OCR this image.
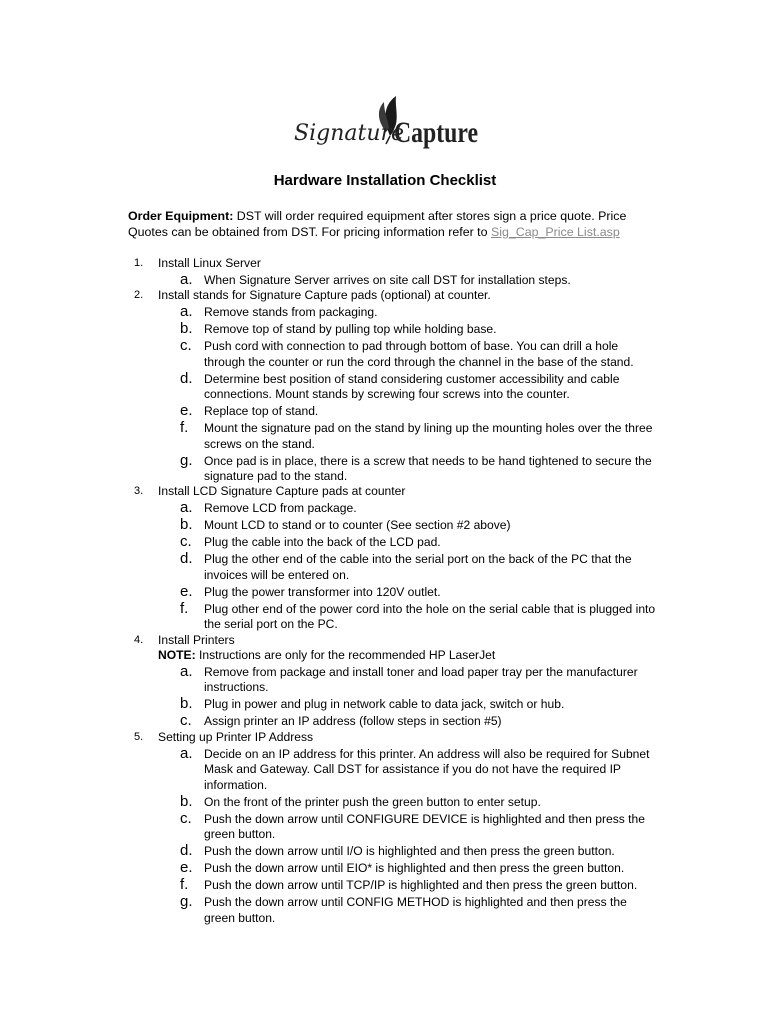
Signature
Capture
Hardware Installation Checklist
Order Equipment: DST will order required equipment after stores sign a price quote. Price Quotes can be obtained from DST. For pricing information refer to Sig_Cap_Price List.asp
1. Install Linux Server
a. When Signature Server arrives on site call DST for installation steps.
2. Install stands for Signature Capture pads (optional) at counter.
a. Remove stands from packaging.
b. Remove top of stand by pulling top while holding base.
c. Push cord with connection to pad through bottom of base. You can drill a hole through the counter or run the cord through the channel in the base of the stand.
d. Determine best position of stand considering customer accessibility and cable connections. Mount stands by screwing four screws into the counter.
e. Replace top of stand.
f. Mount the signature pad on the stand by lining up the mounting holes over the three screws on the stand.
g. Once pad is in place, there is a screw that needs to be hand tightened to secure the signature pad to the stand.
3. Install LCD Signature Capture pads at counter
a. Remove LCD from package.
b. Mount LCD to stand or to counter (See section #2 above)
c. Plug the cable into the back of the LCD pad.
d. Plug the other end of the cable into the serial port on the back of the PC that the invoices will be entered on.
e. Plug the power transformer into 120V outlet.
f. Plug other end of the power cord into the hole on the serial cable that is plugged into the serial port on the PC.
4. Install Printers
NOTE: Instructions are only for the recommended HP LaserJet
a. Remove from package and install toner and load paper tray per the manufacturer instructions.
b. Plug in power and plug in network cable to data jack, switch or hub.
c. Assign printer an IP address (follow steps in section #5)
5. Setting up Printer IP Address
a. Decide on an IP address for this printer. An address will also be required for Subnet Mask and Gateway. Call DST for assistance if you do not have the required IP information.
b. On the front of the printer push the green button to enter setup.
c. Push the down arrow until CONFIGURE DEVICE is highlighted and then press the green button.
d. Push the down arrow until I/O is highlighted and then press the green button.
e. Push the down arrow until EIO* is highlighted and then press the green button.
f. Push the down arrow until TCP/IP is highlighted and then press the green button.
g. Push the down arrow until CONFIG METHOD is highlighted and then press the green button.
